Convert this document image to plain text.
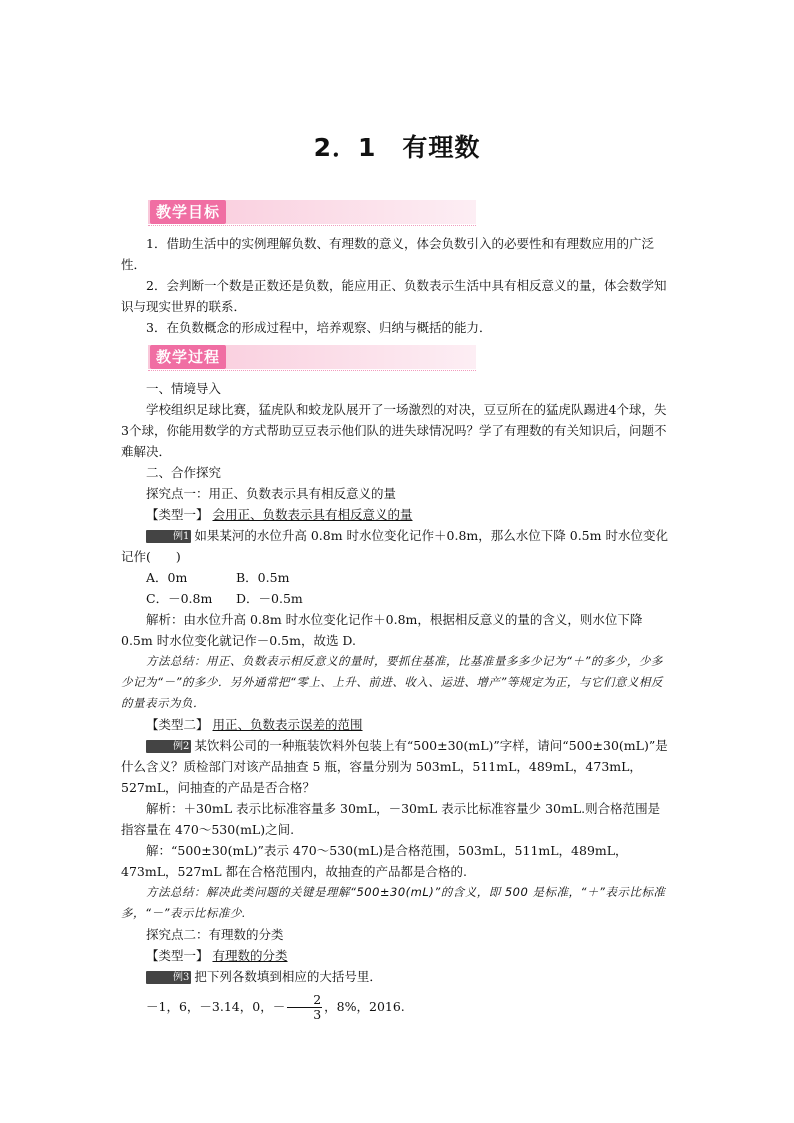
2．1 有理数
教学目标

1．借助生活中的实例理解负数、有理数的意义，体会负数引入的必要性和有理数应用的广泛性．

2．会判断一个数是正数还是负数，能应用正、负数表示生活中具有相反意义的量，体会数学知识与现实世界的联系．

3．在负数概念的形成过程中，培养观察、归纳与概括的能力．

教学过程

一、情境导入

学校组织足球比赛，猛虎队和蛟龙队展开了一场激烈的对决，豆豆所在的猛虎队踢进4个球，失3个球，你能用数学的方式帮助豆豆表示他们队的进失球情况吗？学了有理数的有关知识后，问题不难解决．

二、合作探究

探究点一：用正、负数表示具有相反意义的量

【类型一】 会用正、负数表示具有相反意义的量

例1 如果某河的水位升高 0.8m 时水位变化记作＋0.8m，那么水位下降 0.5m 时水位变化记作(　　)

A．0m	B．0.5m

C．－0.8m D．－0.5m

解析：由水位升高 0.8m 时水位变化记作＋0.8m，根据相反意义的量的含义，则水位下降 0.5m 时水位变化就记作－0.5m，故选 D.

方法总结：用正、负数表示相反意义的量时，要抓住基准，比基准量多多少记为“＋”的多少，少多少记为“－”的多少．另外通常把“零上、上升、前进、收入、运进、增产”等规定为正，与它们意义相反的量表示为负．

【类型二】 用正、负数表示误差的范围

例2 某饮料公司的一种瓶装饮料外包装上有“500±30(mL)”字样，请问“500±30(mL)”是什么含义？质检部门对该产品抽查 5 瓶，容量分别为 503mL，511mL，489mL，473mL，527mL，问抽查的产品是否合格？

解析：＋30mL 表示比标准容量多 30mL，－30mL 表示比标准容量少 30mL.则合格范围是指容量在 470～530(mL)之间.

解：“500±30(mL)”表示 470～530(mL)是合格范围，503mL，511mL，489mL，473mL，527mL 都在合格范围内，故抽查的产品都是合格的.

方法总结：解决此类问题的关键是理解“500±30(mL)”的含义，即 500 是标准，“＋”表示比标准多，“－”表示比标准少.

探究点二：有理数的分类

【类型一】 有理数的分类

例3 把下列各数填到相应的大括号里．

－1，6，－3.14，0，－ $\frac{2}{3}$ ，8%，2016.
